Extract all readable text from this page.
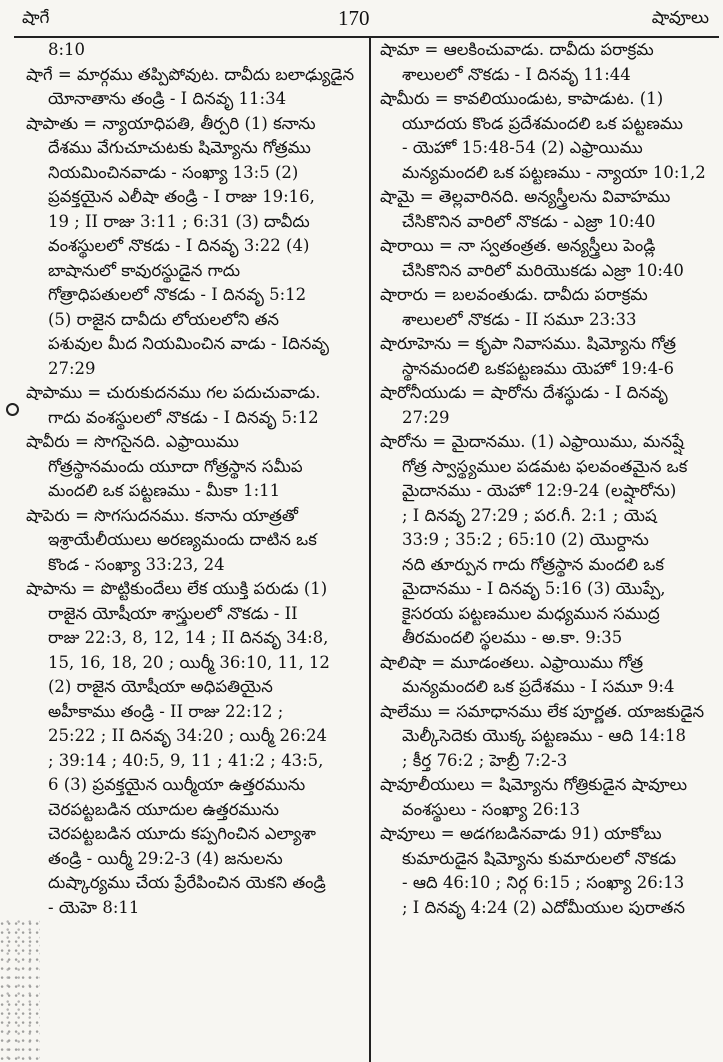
షాగే	170	షావూలు
8:10
షాగే = మార్గము తప్పిపోవుట. దావీదు బలాఢ్యుడైన
యోనాతాను తండ్రి - I దినవృ 11:34
షాపాతు = న్యాయాధిపతి, తీర్పరి (1) కనాను
దేశము వేగుచూచుటకు షిమ్యోను గోత్రము
నియమించినవాడు - సంఖ్యా 13:5 (2)
ప్రవక్తయైన ఎలీషా తండ్రి - I రాజు 19:16,
19 ; II రాజు 3:11 ; 6:31 (3) దావీదు
వంశస్థులలో నొకడు - I దినవృ 3:22 (4)
బాషానులో కావురస్థుడైన గాదు
గోత్రాధిపతులలో నొకడు - I దినవృ 5:12
(5) రాజైన దావీదు లోయలలోని తన
పశువుల మీద నియమించిన వాడు - Iదినవృ
27:29
షాపాము = చురుకుదనము గల పదుచువాడు.
గాదు వంశస్థులలో నొకడు - I దినవృ 5:12
షావీరు = సొగసైనది. ఎఫ్రాయిము
గోత్రస్థానమందు యూదా గోత్రస్థాన సమీప
మందలి ఒక పట్టణము - మీకా 1:11
షాపెరు = సొగసుదనము. కనాను యాత్రతో
ఇశ్రాయేలీయులు అరణ్యమందు దాటిన ఒక
కొండ - సంఖ్యా 33:23, 24
షాపాను = పొట్టికుందేలు లేక యుక్తి పరుడు (1)
రాజైన యోషీయా శాస్త్రులలో నొకడు - II
రాజు 22:3, 8, 12, 14 ; II దినవృ 34:8,
15, 16, 18, 20 ; యిర్మీ 36:10, 11, 12
(2) రాజైన యోషీయా అధిపతియైన
అహీకాము తండ్రి - II రాజు 22:12 ;
25:22 ; II దినవృ 34:20 ; యిర్మీ 26:24
; 39:14 ; 40:5, 9, 11 ; 41:2 ; 43:5,
6 (3) ప్రవక్తయైన యిర్మీయా ఉత్తరమును
చెరపట్టబడిన యూదుల ఉత్తరమును
చెరపట్టబడిన యూదు కప్పగించిన ఎల్యాశా
తండ్రి - యిర్మీ 29:2-3 (4) జనులను
దుష్కార్యము చేయ ప్రేరేపించిన యెకని తండ్రి
- యెహె 8:11
షామా = ఆలకించువాడు. దావీదు పరాక్రమ
శాలులలో నొకడు - I దినవృ 11:44
షామీరు = కావలియుండుట, కాపాడుట. (1)
యూదయ కొండ ప్రదేశమందలి ఒక పట్టణము
- యెహో 15:48-54 (2) ఎఫ్రాయిము
మన్యమందలి ఒక పట్టణము - న్యాయా 10:1,2
షామై = తెల్లవారినది. అన్యస్త్రీలను వివాహము
చేసికొనిన వారిలో నొకడు - ఎజ్రా 10:40
షారాయి = నా స్వతంత్రత. అన్యస్త్రీలు పెండ్లి
చేసికొనిన వారిలో మరియొకడు ఎజ్రా 10:40
షారారు = బలవంతుడు. దావీదు పరాక్రమ
శాలులలో నొకడు - II సమూ 23:33
షారూహెను = కృపా నివాసము. షిమ్యోను గోత్ర
స్థానమందలి ఒకపట్టణము యెహో 19:4-6
షారోనీయుడు = షారోను దేశస్థుడు - I దినవృ
27:29
షారోను = మైదానము. (1) ఎఫ్రాయిము, మనష్షే
గోత్ర స్వాస్థ్యముల పడమట ఫలవంతమైన ఒక
మైదానము - యెహో 12:9-24 (లష్షారోను)
; I దినవృ 27:29 ; పర.గీ. 2:1 ; యెష
33:9 ; 35:2 ; 65:10 (2) యొర్దాను
నది తూర్పున గాదు గోత్రస్థాన మందలి ఒక
మైదానము - I దినవృ 5:16 (3) యొప్పే,
కైసరయ పట్టణముల మధ్యమున సముద్ర
తీరమందలి స్థలము - అ.కా. 9:35
షాలిషా = మూడంతలు. ఎఫ్రాయిము గోత్ర
మన్యమందలి ఒక ప్రదేశము - I సమూ 9:4
షాలేము = సమాధానము లేక పూర్ణత. యాజకుడైన
మెల్కీసెదెకు యొక్క పట్టణము - ఆది 14:18
; కీర్త 76:2 ; హెబ్రీ 7:2-3
షావూలీయులు = షిమ్యోను గోత్రికుడైన షావూలు
వంశస్థులు - సంఖ్యా 26:13
షావూలు = అడగబడినవాడు 91) యాకోబు
కుమారుడైన షిమ్యోను కుమారులలో నొకడు
- ఆది 46:10 ; నిర్గ 6:15 ; సంఖ్యా 26:13
; I దినవృ 4:24 (2) ఎదోమీయుల పురాతన
